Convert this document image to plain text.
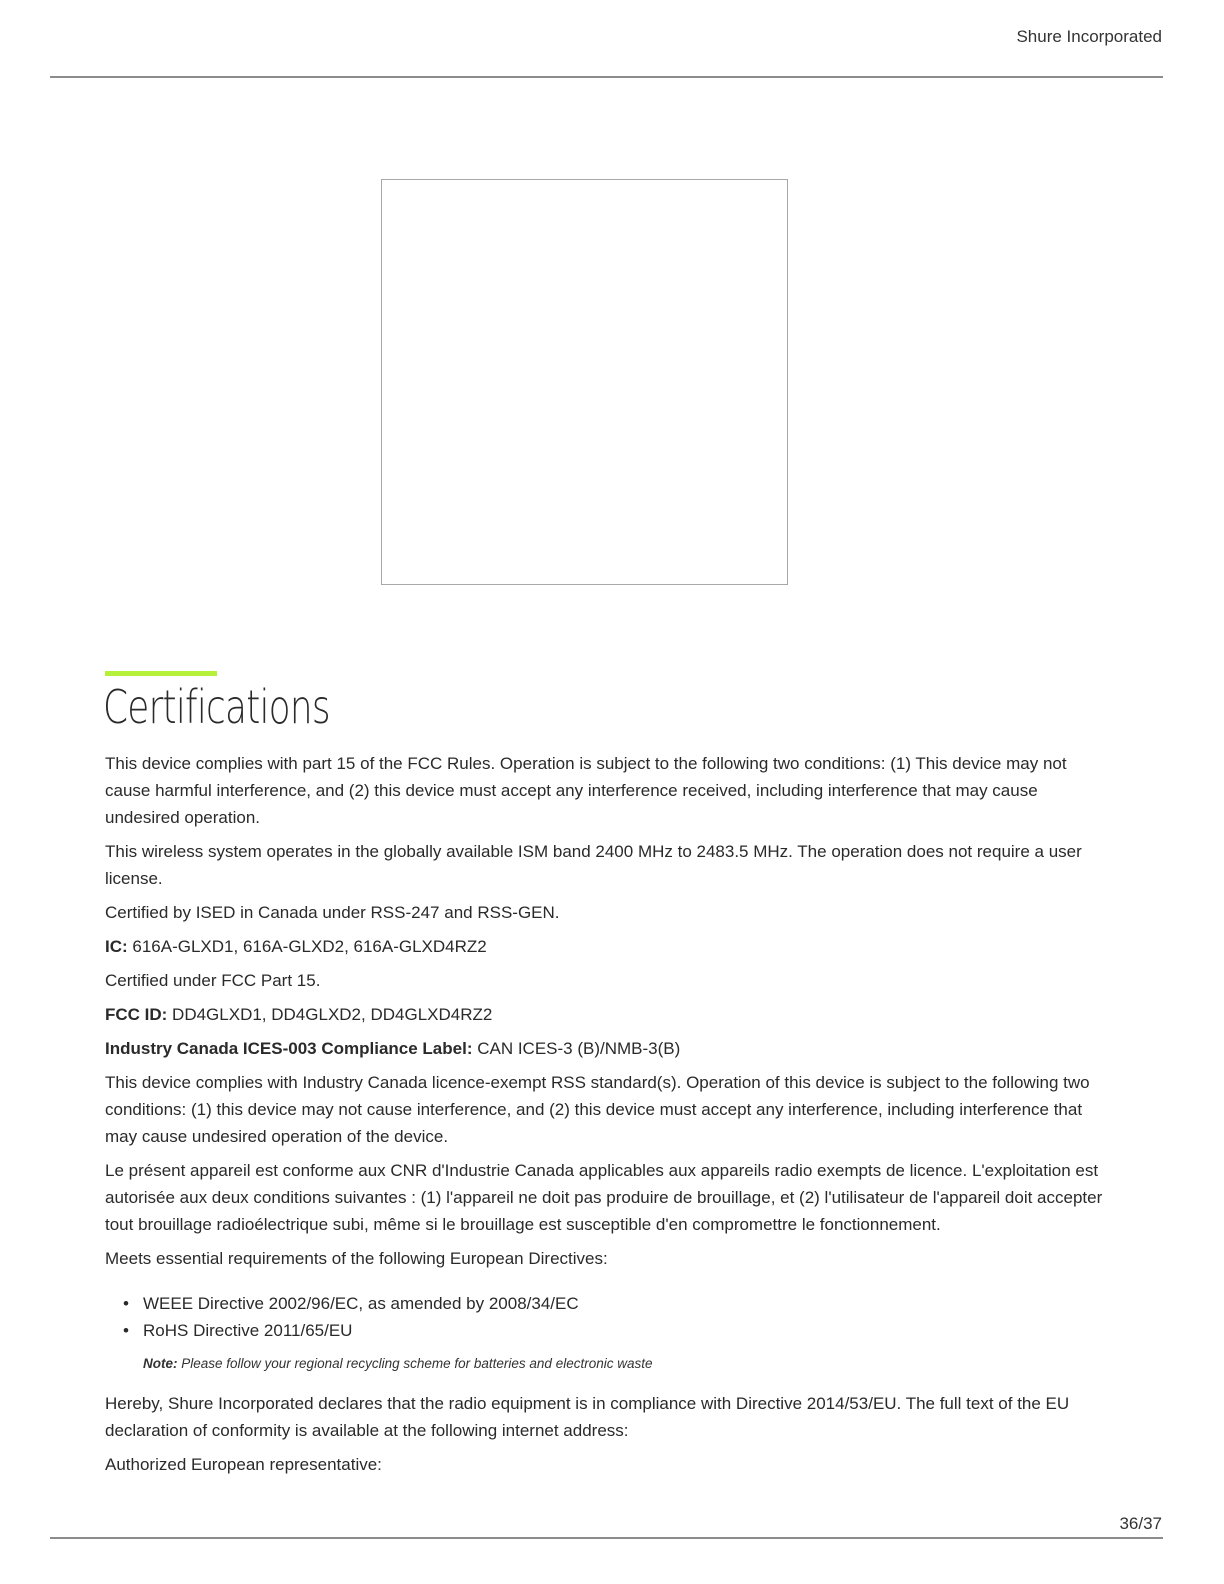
Shure Incorporated
Certifications

This device complies with part 15 of the FCC Rules. Operation is subject to the following two conditions: (1) This device may not cause harmful interference, and (2) this device must accept any interference received, including interference that may cause undesired operation.

This wireless system operates in the globally available ISM band 2400 MHz to 2483.5 MHz. The operation does not require a user license.

Certified by ISED in Canada under RSS-247 and RSS-GEN.

IC: 616A-GLXD1, 616A-GLXD2, 616A-GLXD4RZ2

Certified under FCC Part 15.

FCC ID: DD4GLXD1, DD4GLXD2, DD4GLXD4RZ2

Industry Canada ICES-003 Compliance Label: CAN ICES-3 (B)/NMB-3(B)

This device complies with Industry Canada licence-exempt RSS standard(s). Operation of this device is subject to the following two conditions: (1) this device may not cause interference, and (2) this device must accept any interference, including interference that may cause undesired operation of the device.

Le présent appareil est conforme aux CNR d'Industrie Canada applicables aux appareils radio exempts de licence. L'exploitation est autorisée aux deux conditions suivantes : (1) l'appareil ne doit pas produire de brouillage, et (2) l'utilisateur de l'appareil doit accepter tout brouillage radioélectrique subi, même si le brouillage est susceptible d'en compromettre le fonctionnement.

Meets essential requirements of the following European Directives:

• WEEE Directive 2002/96/EC, as amended by 2008/34/EC
• RoHS Directive 2011/65/EU
Note: Please follow your regional recycling scheme for batteries and electronic waste

Hereby, Shure Incorporated declares that the radio equipment is in compliance with Directive 2014/53/EU. The full text of the EU declaration of conformity is available at the following internet address:

Authorized European representative:

36/37
